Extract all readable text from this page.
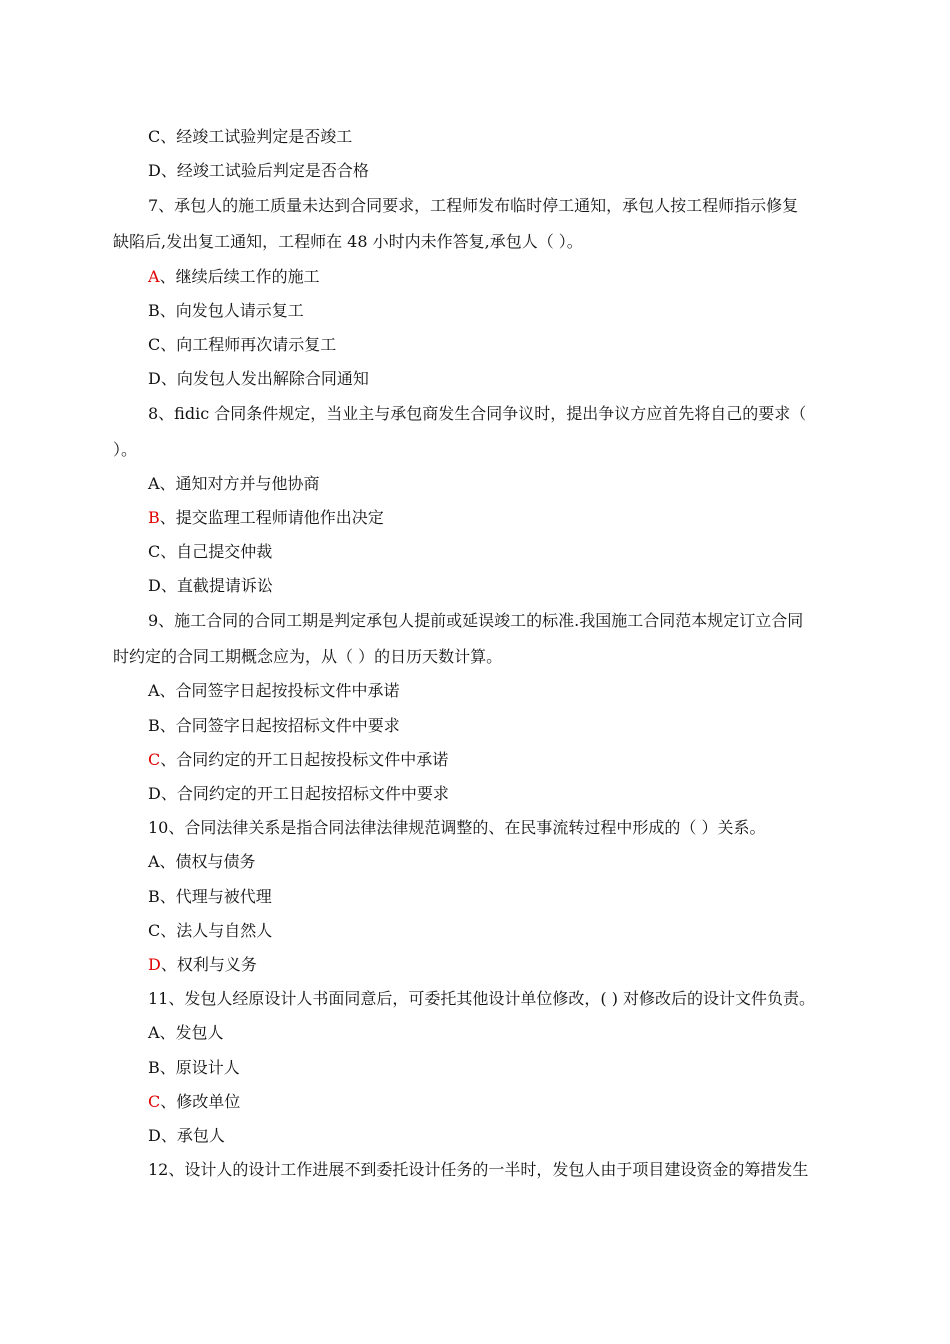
C、经竣工试验判定是否竣工
D、经竣工试验后判定是否合格
7、承包人的施工质量未达到合同要求，工程师发布临时停工通知，承包人按工程师指示修复
缺陷后,发出复工通知，工程师在 48 小时内未作答复,承包人（ ）。
A、继续后续工作的施工
B、向发包人请示复工
C、向工程师再次请示复工
D、向发包人发出解除合同通知
8、fidic 合同条件规定，当业主与承包商发生合同争议时，提出争议方应首先将自己的要求（
）。
A、通知对方并与他协商
B、提交监理工程师请他作出决定
C、自己提交仲裁
D、直截提请诉讼
9、施工合同的合同工期是判定承包人提前或延误竣工的标准.我国施工合同范本规定订立合同
时约定的合同工期概念应为，从（ ）的日历天数计算。
A、合同签字日起按投标文件中承诺
B、合同签字日起按招标文件中要求
C、合同约定的开工日起按投标文件中承诺
D、合同约定的开工日起按招标文件中要求
10、合同法律关系是指合同法律法律规范调整的、在民事流转过程中形成的（ ）关系。
A、债权与债务
B、代理与被代理
C、法人与自然人
D、权利与义务
11、发包人经原设计人书面同意后，可委托其他设计单位修改，( ) 对修改后的设计文件负责。
A、发包人
B、原设计人
C、修改单位
D、承包人
12、设计人的设计工作进展不到委托设计任务的一半时，发包人由于项目建设资金的筹措发生
